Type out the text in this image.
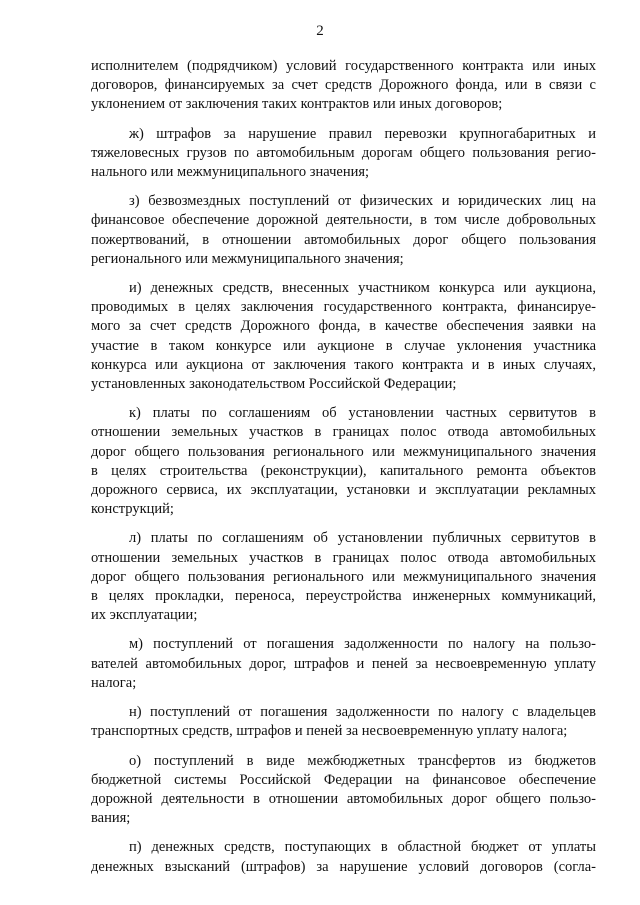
2

исполнителем (подрядчиком) условий государственного контракта или иных
договоров, финансируемых за счет средств Дорожного фонда, или в связи с
уклонением от заключения таких контрактов или иных договоров;

ж) штрафов за нарушение правил перевозки крупногабаритных и
тяжеловесных грузов по автомобильным дорогам общего пользования регио-
нального или межмуниципального значения;

з) безвозмездных поступлений от физических и юридических лиц на
финансовое обеспечение дорожной деятельности, в том числе добровольных
пожертвований, в отношении автомобильных дорог общего пользования
регионального или межмуниципального значения;

и) денежных средств, внесенных участником конкурса или аукциона,
проводимых в целях заключения государственного контракта, финансируе-
мого за счет средств Дорожного фонда, в качестве обеспечения заявки на
участие в таком конкурсе или аукционе в случае уклонения участника
конкурса или аукциона от заключения такого контракта и в иных случаях,
установленных законодательством Российской Федерации;

к) платы по соглашениям об установлении частных сервитутов в
отношении земельных участков в границах полос отвода автомобильных
дорог общего пользования регионального или межмуниципального значения
в целях строительства (реконструкции), капитального ремонта объектов
дорожного сервиса, их эксплуатации, установки и эксплуатации рекламных
конструкций;

л) платы по соглашениям об установлении публичных сервитутов в
отношении земельных участков в границах полос отвода автомобильных
дорог общего пользования регионального или межмуниципального значения
в целях прокладки, переноса, переустройства инженерных коммуникаций,
их эксплуатации;

м) поступлений от погашения задолженности по налогу на пользо-
вателей автомобильных дорог, штрафов и пеней за несвоевременную уплату
налога;

н) поступлений от погашения задолженности по налогу с владельцев
транспортных средств, штрафов и пеней за несвоевременную уплату налога;

о) поступлений в виде межбюджетных трансфертов из бюджетов
бюджетной системы Российской Федерации на финансовое обеспечение
дорожной деятельности в отношении автомобильных дорог общего пользо-
вания;

п) денежных средств, поступающих в областной бюджет от уплаты
денежных взысканий (штрафов) за нарушение условий договоров (согла-
